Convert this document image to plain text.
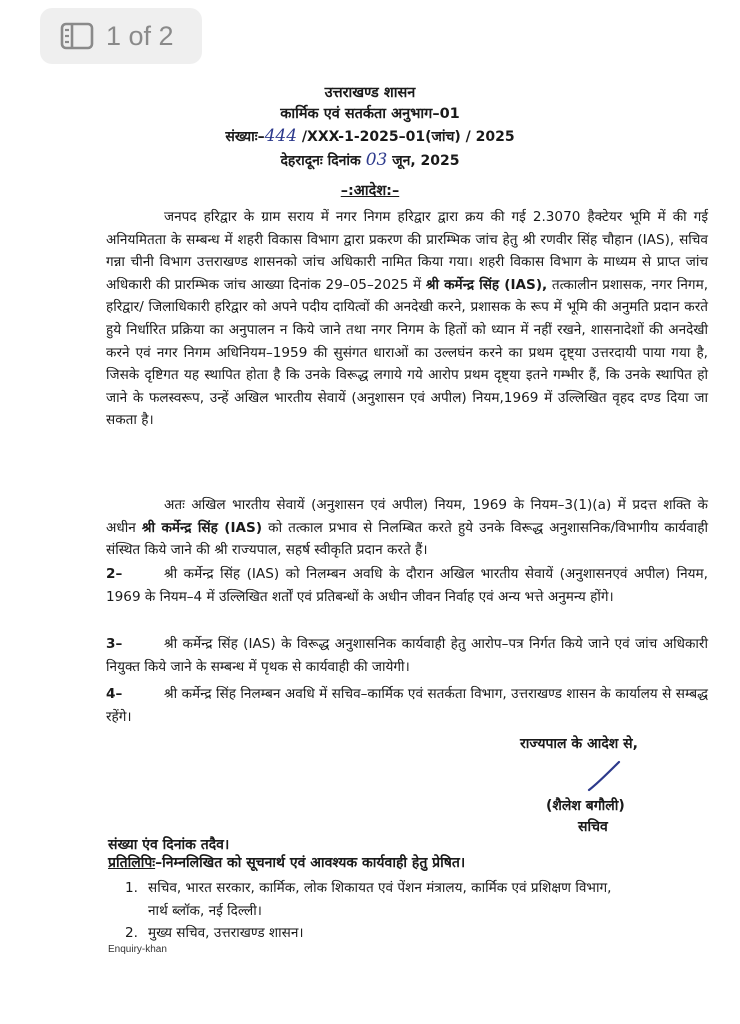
1 of 2
उत्तराखण्ड शासन
कार्मिक एवं सतर्कता अनुभाग–01
संख्याः–444 /XXX-1-2025–01(जांच) / 2025
देहरादूनः दिनांक 03 जून, 2025
–:आदेश:–
जनपद हरिद्वार के ग्राम सराय में नगर निगम हरिद्वार द्वारा क्रय की गई 2.3070 हैक्टेयर भूमि में की गई अनियमितता के सम्बन्ध में शहरी विकास विभाग द्वारा प्रकरण की प्रारम्भिक जांच हेतु श्री रणवीर सिंह चौहान (IAS), सचिव गन्ना चीनी विभाग उत्तराखण्ड शासनको जांच अधिकारी नामित किया गया। शहरी विकास विभाग के माध्यम से प्राप्त जांच अधिकारी की प्रारम्भिक जांच आख्या दिनांक 29–05–2025 में श्री कर्मेन्द्र सिंह (IAS), तत्कालीन प्रशासक, नगर निगम, हरिद्वार/ जिलाधिकारी हरिद्वार को अपने पदीय दायित्वों की अनदेखी करने, प्रशासक के रूप में भूमि की अनुमति प्रदान करते हुये निर्धारित प्रक्रिया का अनुपालन न किये जाने तथा नगर निगम के हितों को ध्यान में नहीं रखने, शासनादेशों की अनदेखी करने एवं नगर निगम अधिनियम–1959 की सुसंगत धाराओं का उल्लघंन करने का प्रथम दृष्ट्या उत्तरदायी पाया गया है, जिसके दृष्टिगत यह स्थापित होता है कि उनके विरूद्ध लगाये गये आरोप प्रथम दृष्ट्या इतने गम्भीर हैं, कि उनके स्थापित हो जाने के फलस्वरूप, उन्हें अखिल भारतीय सेवायें (अनुशासन एवं अपील) नियम,1969 में उल्लिखित वृहद दण्ड दिया जा सकता है।
अतः अखिल भारतीय सेवायें (अनुशासन एवं अपील) नियम, 1969 के नियम–3(1)(a) में प्रदत्त शक्ति के अधीन श्री कर्मेन्द्र सिंह (IAS) को तत्काल प्रभाव से निलम्बित करते हुये उनके विरूद्ध अनुशासनिक/विभागीय कार्यवाही संस्थित किये जाने की श्री राज्यपाल, सहर्ष स्वीकृति प्रदान करते हैं।
2–	श्री कर्मेन्द्र सिंह (IAS) को निलम्बन अवधि के दौरान अखिल भारतीय सेवायें (अनुशासनएवं अपील) नियम, 1969 के नियम–4 में उल्लिखित शर्तों एवं प्रतिबन्धों के अधीन जीवन निर्वाह एवं अन्य भत्ते अनुमन्य होंगे।
3–	श्री कर्मेन्द्र सिंह (IAS) के विरूद्ध अनुशासनिक कार्यवाही हेतु आरोप–पत्र निर्गत किये जाने एवं जांच अधिकारी नियुक्त किये जाने के सम्बन्ध में पृथक से कार्यवाही की जायेगी।
4–	श्री कर्मेन्द्र सिंह निलम्बन अवधि में सचिव–कार्मिक एवं सतर्कता विभाग, उत्तराखण्ड शासन के कार्यालय से सम्बद्ध रहेंगे।
राज्यपाल के आदेश से,
(शैलेश बगौली)
सचिव
संख्या एंव दिनांक तदैव।
प्रतिलिपिः–निम्नलिखित को सूचनार्थ एवं आवश्यक कार्यवाही हेतु प्रेषित।
1. सचिव, भारत सरकार, कार्मिक, लोक शिकायत एवं पेंशन मंत्रालय, कार्मिक एवं प्रशिक्षण विभाग,
नार्थ ब्लॉक, नई दिल्ली।
2. मुख्य सचिव, उत्तराखण्ड शासन।
Enquiry-khan
